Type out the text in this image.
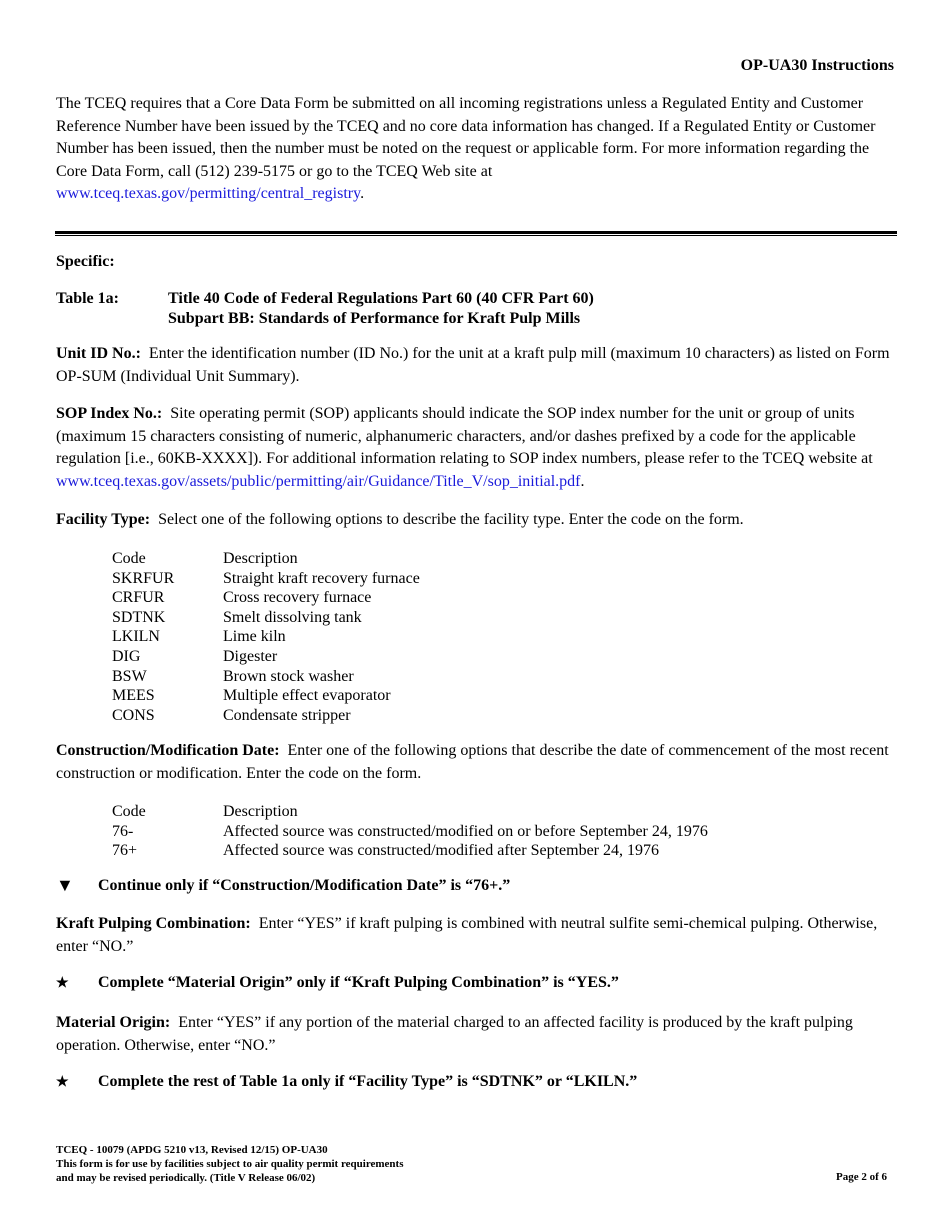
OP-UA30 Instructions

The TCEQ requires that a Core Data Form be submitted on all incoming registrations unless a Regulated Entity and Customer Reference Number have been issued by the TCEQ and no core data information has changed. If a Regulated Entity or Customer Number has been issued, then the number must be noted on the request or applicable form. For more information regarding the Core Data Form, call (512) 239-5175 or go to the TCEQ Web site at
www.tceq.texas.gov/permitting/central_registry.

Specific:
Table 1a:	Title 40 Code of Federal Regulations Part 60 (40 CFR Part 60)
Subpart BB: Standards of Performance for Kraft Pulp Mills
Unit ID No.: Enter the identification number (ID No.) for the unit at a kraft pulp mill (maximum 10 characters) as listed on Form OP-SUM (Individual Unit Summary).
SOP Index No.: Site operating permit (SOP) applicants should indicate the SOP index number for the unit or group of units (maximum 15 characters consisting of numeric, alphanumeric characters, and/or dashes prefixed by a code for the applicable regulation [i.e., 60KB-XXXX]). For additional information relating to SOP index numbers, please refer to the TCEQ website at www.tceq.texas.gov/assets/public/permitting/air/Guidance/Title_V/sop_initial.pdf.
Facility Type: Select one of the following options to describe the facility type. Enter the code on the form.
Code	Description
SKRFUR	Straight kraft recovery furnace
CRFUR	Cross recovery furnace
SDTNK	Smelt dissolving tank
LKILN	Lime kiln
DIG	Digester
BSW	Brown stock washer
MEES	Multiple effect evaporator
CONS	Condensate stripper
Construction/Modification Date: Enter one of the following options that describe the date of commencement of the most recent construction or modification. Enter the code on the form.
Code	Description
76-	Affected source was constructed/modified on or before September 24, 1976
76+	Affected source was constructed/modified after September 24, 1976
▼	Continue only if “Construction/Modification Date” is “76+.”
Kraft Pulping Combination: Enter “YES” if kraft pulping is combined with neutral sulfite semi-chemical pulping. Otherwise, enter “NO.”
★	Complete “Material Origin” only if “Kraft Pulping Combination” is “YES.”
Material Origin: Enter “YES” if any portion of the material charged to an affected facility is produced by the kraft pulping operation. Otherwise, enter “NO.”
★	Complete the rest of Table 1a only if “Facility Type” is “SDTNK” or “LKILN.”
TCEQ - 10079 (APDG 5210 v13, Revised 12/15) OP-UA30
This form is for use by facilities subject to air quality permit requirements
and may be revised periodically. (Title V Release 06/02)	Page 2 of 6
